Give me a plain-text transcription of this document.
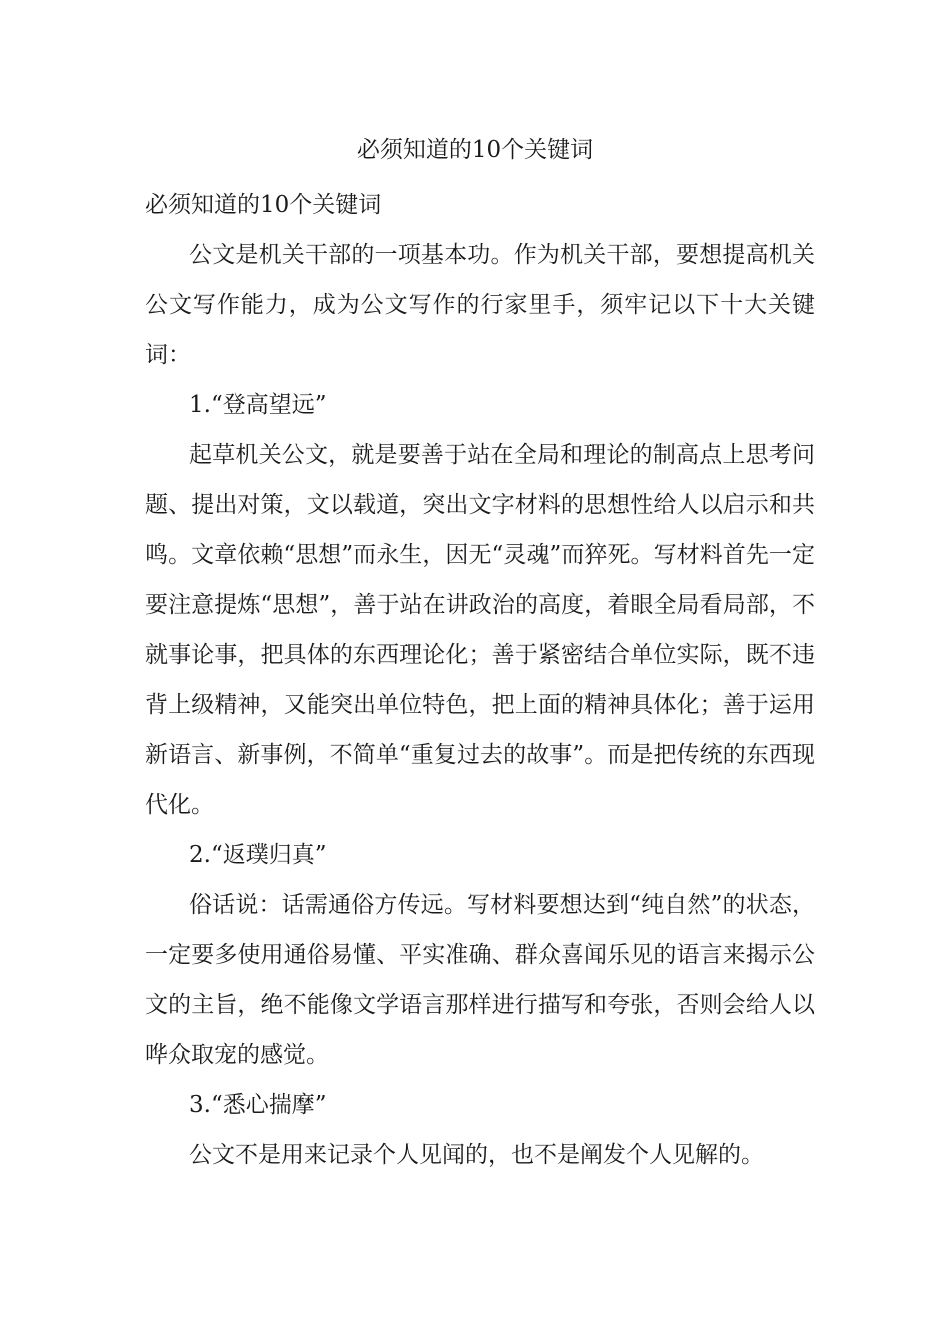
必须知道的10个关键词

必须知道的10个关键词

公文是机关干部的一项基本功。作为机关干部，要想提高机关公文写作能力，成为公文写作的行家里手，须牢记以下十大关键词：

1.“登高望远”

起草机关公文，就是要善于站在全局和理论的制高点上思考问题、提出对策，文以载道，突出文字材料的思想性给人以启示和共鸣。文章依赖“思想”而永生，因无“灵魂”而猝死。写材料首先一定要注意提炼“思想”，善于站在讲政治的高度，着眼全局看局部，不就事论事，把具体的东西理论化；善于紧密结合单位实际，既不违背上级精神，又能突出单位特色，把上面的精神具体化；善于运用新语言、新事例，不简单“重复过去的故事”。而是把传统的东西现代化。

2.“返璞归真”

俗话说：话需通俗方传远。写材料要想达到“纯自然”的状态，一定要多使用通俗易懂、平实准确、群众喜闻乐见的语言来揭示公文的主旨，绝不能像文学语言那样进行描写和夸张，否则会给人以哗众取宠的感觉。

3.“悉心揣摩”

公文不是用来记录个人见闻的，也不是阐发个人见解的。
